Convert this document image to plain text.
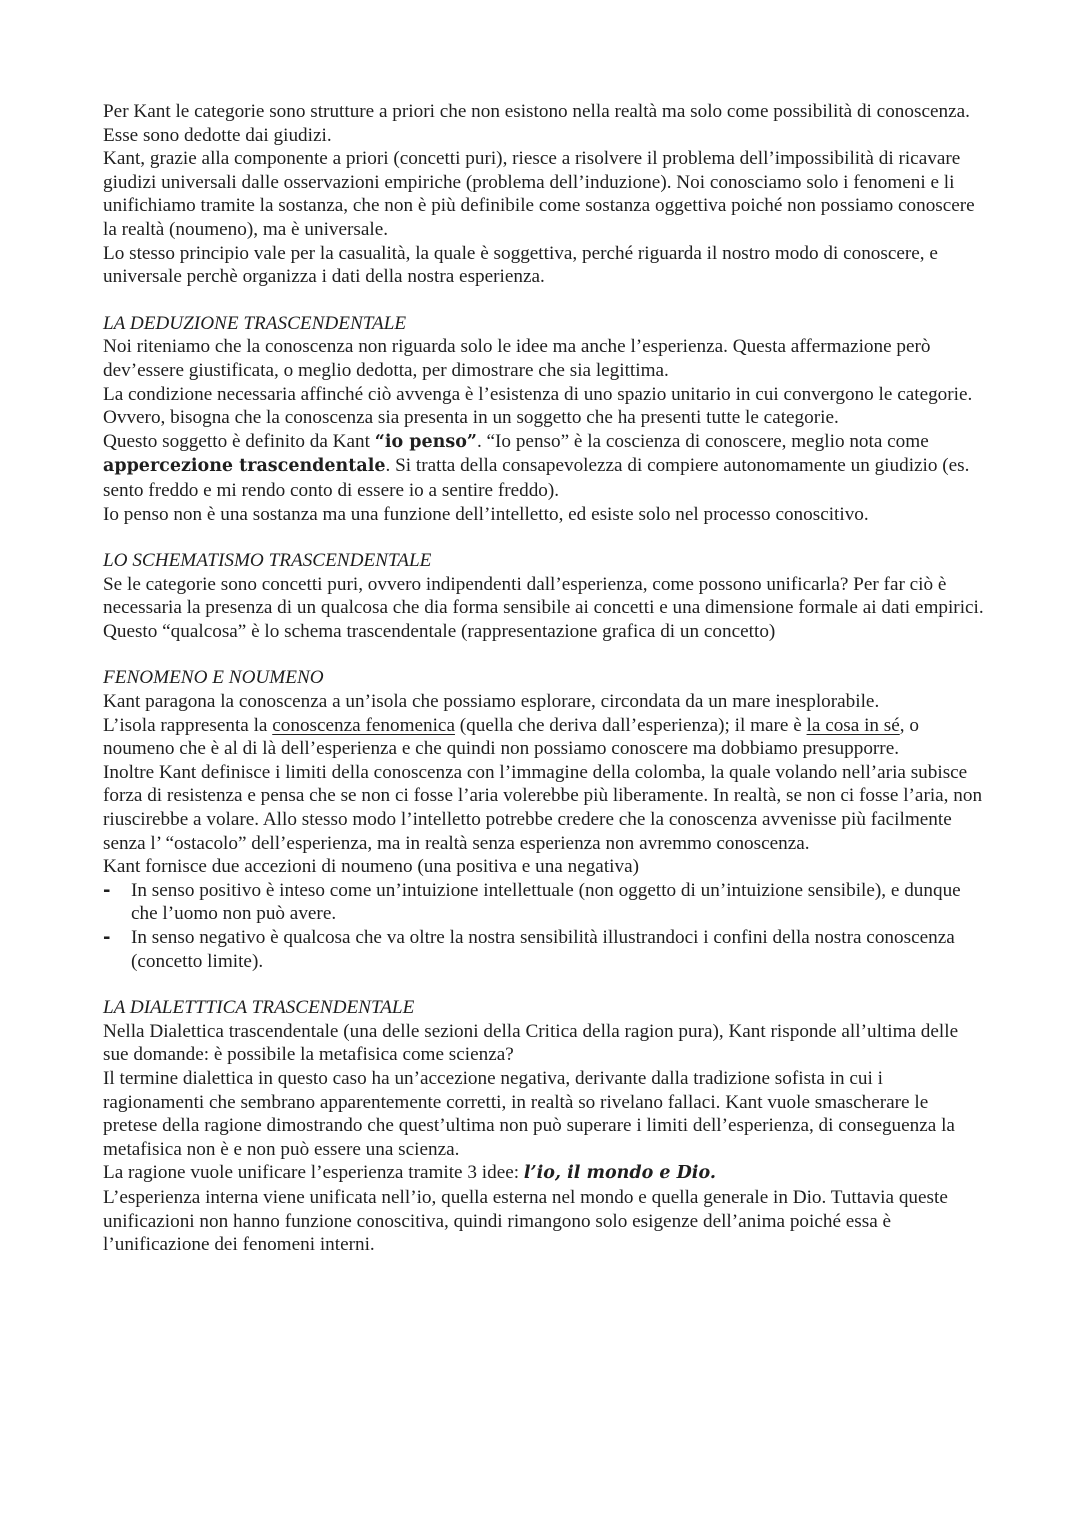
Per Kant le categorie sono strutture a priori che non esistono nella realtà ma solo come possibilità di conoscenza. Esse sono dedotte dai giudizi.

Kant, grazie alla componente a priori (concetti puri), riesce a risolvere il problema dell’impossibilità di ricavare giudizi universali dalle osservazioni empiriche (problema dell’induzione). Noi conosciamo solo i fenomeni e li unifichiamo tramite la sostanza, che non è più definibile come sostanza oggettiva poiché non possiamo conoscere la realtà (noumeno), ma è universale.

Lo stesso principio vale per la casualità, la quale è soggettiva, perché riguarda il nostro modo di conoscere, e universale perchè organizza i dati della nostra esperienza.

LA DEDUZIONE TRASCENDENTALE

Noi riteniamo che la conoscenza non riguarda solo le idee ma anche l’esperienza. Questa affermazione però dev’essere giustificata, o meglio dedotta, per dimostrare che sia legittima.

La condizione necessaria affinché ciò avvenga è l’esistenza di uno spazio unitario in cui convergono le categorie. Ovvero, bisogna che la conoscenza sia presenta in un soggetto che ha presenti tutte le categorie.

Questo soggetto è definito da Kant “io penso”. “Io penso” è la coscienza di conoscere, meglio nota come appercezione trascendentale. Si tratta della consapevolezza di compiere autonomamente un giudizio (es. sento freddo e mi rendo conto di essere io a sentire freddo).

Io penso non è una sostanza ma una funzione dell’intelletto, ed esiste solo nel processo conoscitivo.

LO SCHEMATISMO TRASCENDENTALE

Se le categorie sono concetti puri, ovvero indipendenti dall’esperienza, come possono unificarla? Per far ciò è necessaria la presenza di un qualcosa che dia forma sensibile ai concetti e una dimensione formale ai dati empirici. Questo “qualcosa” è lo schema trascendentale (rappresentazione grafica di un concetto)

FENOMENO E NOUMENO

Kant paragona la conoscenza a un’isola che possiamo esplorare, circondata da un mare inesplorabile.

L’isola rappresenta la conoscenza fenomenica (quella che deriva dall’esperienza); il mare è la cosa in sé, o noumeno che è al di là dell’esperienza e che quindi non possiamo conoscere ma dobbiamo presupporre.

Inoltre Kant definisce i limiti della conoscenza con l’immagine della colomba, la quale volando nell’aria subisce forza di resistenza e pensa che se non ci fosse l’aria volerebbe più liberamente. In realtà, se non ci fosse l’aria, non riuscirebbe a volare. Allo stesso modo l’intelletto potrebbe credere che la conoscenza avvenisse più facilmente senza l’ “ostacolo” dell’esperienza, ma in realtà senza esperienza non avremmo conoscenza.

Kant fornisce due accezioni di noumeno (una positiva e una negativa)

- In senso positivo è inteso come un’intuizione intellettuale (non oggetto di un’intuizione sensibile), e dunque che l’uomo non può avere.
- In senso negativo è qualcosa che va oltre la nostra sensibilità illustrandoci i confini della nostra conoscenza (concetto limite).

LA DIALETTTICA TRASCENDENTALE

Nella Dialettica trascendentale (una delle sezioni della Critica della ragion pura), Kant risponde all’ultima delle sue domande: è possibile la metafisica come scienza?

Il termine dialettica in questo caso ha un’accezione negativa, derivante dalla tradizione sofista in cui i ragionamenti che sembrano apparentemente corretti, in realtà so rivelano fallaci. Kant vuole smascherare le pretese della ragione dimostrando che quest’ultima non può superare i limiti dell’esperienza, di conseguenza la metafisica non è e non può essere una scienza.

La ragione vuole unificare l’esperienza tramite 3 idee: l’io, il mondo e Dio.

L’esperienza interna viene unificata nell’io, quella esterna nel mondo e quella generale in Dio. Tuttavia queste unificazioni non hanno funzione conoscitiva, quindi rimangono solo esigenze dell’anima poiché essa è l’unificazione dei fenomeni interni.
